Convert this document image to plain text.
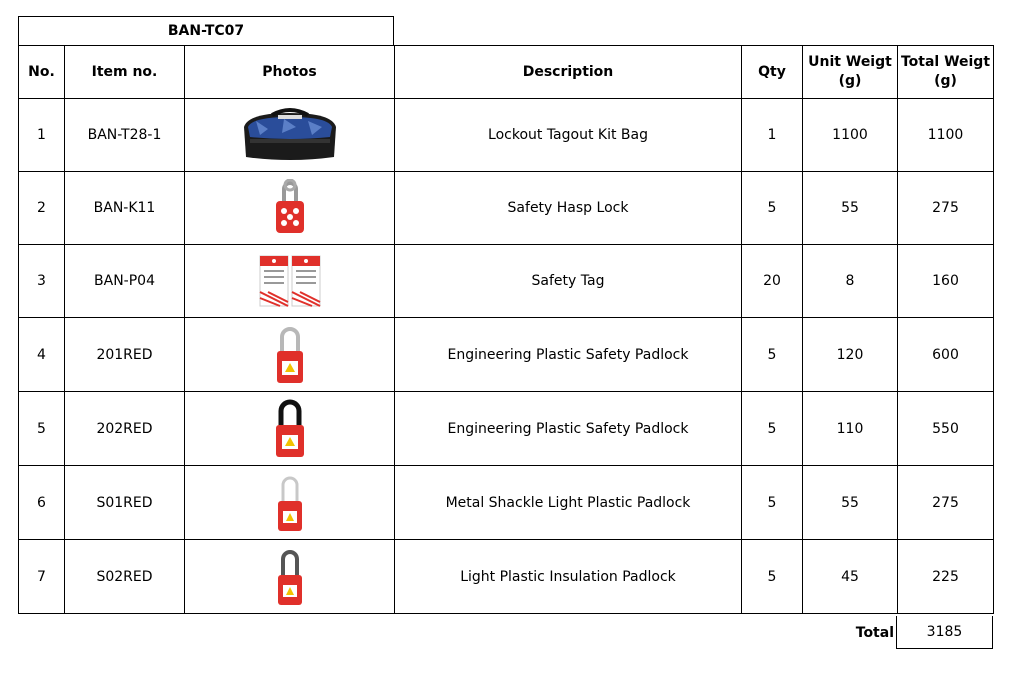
BAN-TC07
No.	Item no.	Photos	Description	Qty	Unit Weigt (g)	Total Weigt (g)
1	BAN-T28-1		Lockout Tagout Kit Bag	1	1100	1100
2	BAN-K11		Safety Hasp Lock	5	55	275
3	BAN-P04		Safety Tag	20	8	160
4	201RED		Engineering Plastic Safety Padlock	5	120	600
5	202RED		Engineering Plastic Safety Padlock	5	110	550
6	S01RED		Metal Shackle Light Plastic Padlock	5	55	275
7	S02RED		Light Plastic Insulation Padlock	5	45	225
Total	3185
